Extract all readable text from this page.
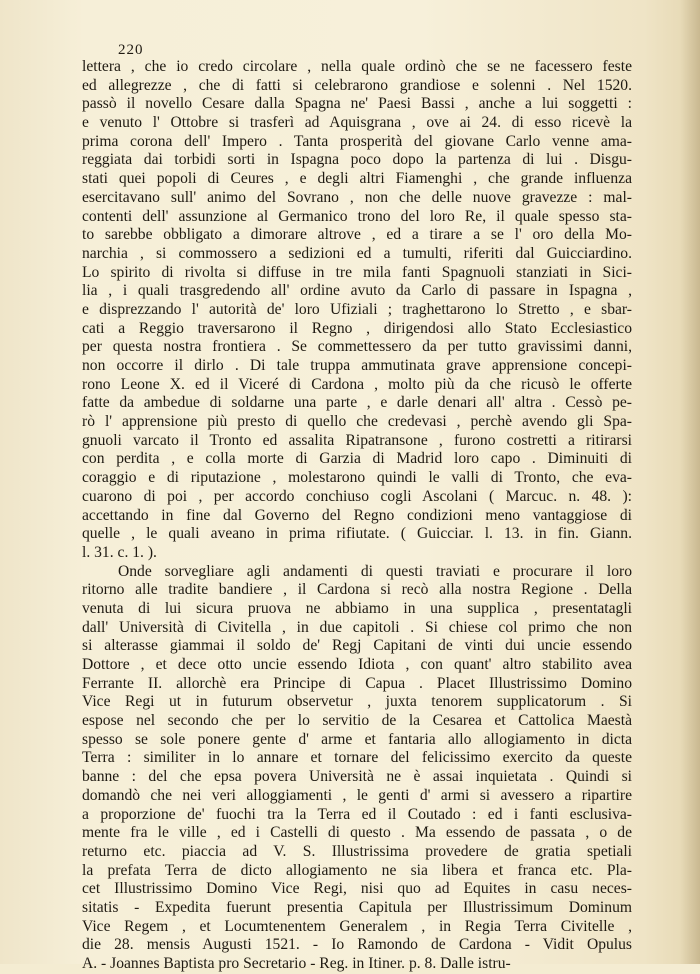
220
lettera , che io credo circolare , nella quale ordinò che se ne facessero feste
ed allegrezze , che di fatti si celebrarono grandiose e solenni . Nel 1520.
passò il novello Cesare dalla Spagna ne' Paesi Bassi , anche a lui soggetti :
e venuto l' Ottobre si trasferì ad Aquisgrana , ove ai 24. di esso ricevè la
prima corona dell' Impero . Tanta prosperità del giovane Carlo venne ama-
reggiata dai torbidi sorti in Ispagna poco dopo la partenza di lui . Disgu-
stati quei popoli di Ceures , e degli altri Fiamenghi , che grande influenza
esercitavano sull' animo del Sovrano , non che delle nuove gravezze : mal-
contenti dell' assunzione al Germanico trono del loro Re, il quale spesso sta-
to sarebbe obbligato a dimorare altrove , ed a tirare a se l' oro della Mo-
narchia , si commossero a sedizioni ed a tumulti, riferiti dal Guicciardino.
Lo spirito di rivolta si diffuse in tre mila fanti Spagnuoli stanziati in Sici-
lia , i quali trasgredendo all' ordine avuto da Carlo di passare in Ispagna ,
e disprezzando l' autorità de' loro Ufiziali ; traghettarono lo Stretto , e sbar-
cati a Reggio traversarono il Regno , dirigendosi allo Stato Ecclesiastico
per questa nostra frontiera . Se commettessero da per tutto gravissimi danni,
non occorre il dirlo . Di tale truppa ammutinata grave apprensione concepi-
rono Leone X. ed il Viceré di Cardona , molto più da che ricusò le offerte
fatte da ambedue di soldarne una parte , e darle denari all' altra . Cessò pe-
rò l' apprensione più presto di quello che credevasi , perchè avendo gli Spa-
gnuoli varcato il Tronto ed assalita Ripatransone , furono costretti a ritirarsi
con perdita , e colla morte di Garzia di Madrid loro capo . Diminuiti di
coraggio e di riputazione , molestarono quindi le valli di Tronto, che eva-
cuarono di poi , per accordo conchiuso cogli Ascolani ( Marcuc. n. 48. ):
accettando in fine dal Governo del Regno condizioni meno vantaggiose di
quelle , le quali aveano in prima rifiutate. ( Guicciar. l. 13. in fin. Giann.
l. 31. c. 1. ).
Onde sorvegliare agli andamenti di questi traviati e procurare il loro
ritorno alle tradite bandiere , il Cardona si recò alla nostra Regione . Della
venuta di lui sicura pruova ne abbiamo in una supplica , presentatagli
dall' Università di Civitella , in due capitoli . Si chiese col primo che non
si alterasse giammai il soldo de' Regj Capitani de vinti dui uncie essendo
Dottore , et dece otto uncie essendo Idiota , con quant' altro stabilito avea
Ferrante II. allorchè era Principe di Capua . Placet Illustrissimo Domino
Vice Regi ut in futurum observetur , juxta tenorem supplicatorum . Si
espose nel secondo che per lo servitio de la Cesarea et Cattolica Maestà
spesso se sole ponere gente d' arme et fantaria allo allogiamento in dicta
Terra : similiter in lo annare et tornare del felicissimo exercito da queste
banne : del che epsa povera Università ne è assai inquietata . Quindi si
domandò che nei veri alloggiamenti , le genti d' armi si avessero a ripartire
a proporzione de' fuochi tra la Terra ed il Coutado : ed i fanti esclusiva-
mente fra le ville , ed i Castelli di questo . Ma essendo de passata , o de
returno etc. piaccia ad V. S. Illustrissima provedere de gratia spetiali
la prefata Terra de dicto allogiamento ne sia libera et franca etc. Pla-
cet Illustrissimo Domino Vice Regi, nisi quo ad Equites in casu neces-
sitatis - Expedita fuerunt presentia Capitula per Illustrissimum Dominum
Vice Regem , et Locumtenentem Generalem , in Regia Terra Civitelle ,
die 28. mensis Augusti 1521. - Io Ramondo de Cardona - Vidit Opulus
A. - Joannes Baptista pro Secretario - Reg. in Itiner. p. 8. Dalle istru-
